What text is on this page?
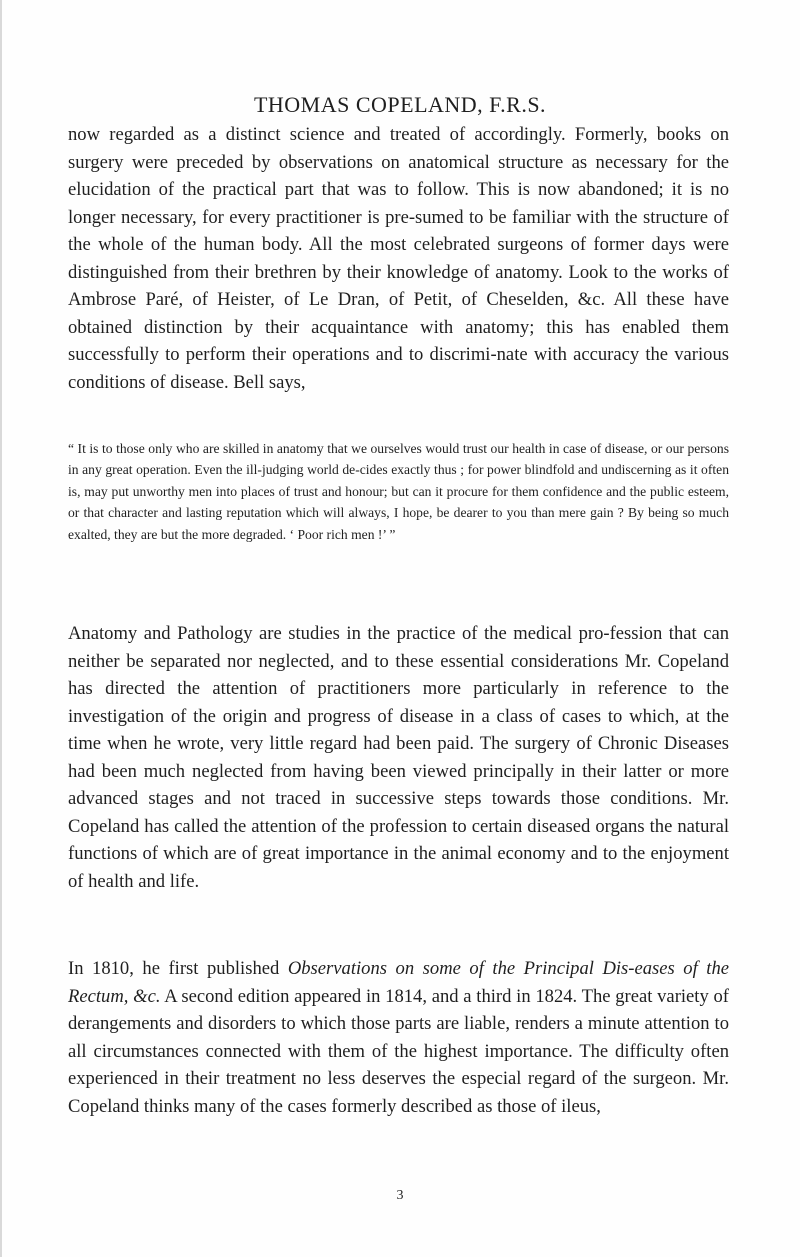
THOMAS COPELAND, F.R.S.

now regarded as a distinct science and treated of accordingly. Formerly, books on surgery were preceded by observations on anatomical structure as necessary for the elucidation of the practical part that was to follow. This is now abandoned; it is no longer necessary, for every practitioner is pre-sumed to be familiar with the structure of the whole of the human body. All the most celebrated surgeons of former days were distinguished from their brethren by their knowledge of anatomy. Look to the works of Ambrose Paré, of Heister, of Le Dran, of Petit, of Cheselden, &c. All these have obtained distinction by their acquaintance with anatomy; this has enabled them successfully to perform their operations and to discrimi-nate with accuracy the various conditions of disease. Bell says,

“ It is to those only who are skilled in anatomy that we ourselves would trust our health in case of disease, or our persons in any great operation. Even the ill-judging world de-cides exactly thus ; for power blindfold and undiscerning as it often is, may put unworthy men into places of trust and honour; but can it procure for them confidence and the public esteem, or that character and lasting reputation which will always, I hope, be dearer to you than mere gain ? By being so much exalted, they are but the more degraded. ‘ Poor rich men !’ ”

Anatomy and Pathology are studies in the practice of the medical pro-fession that can neither be separated nor neglected, and to these essential considerations Mr. Copeland has directed the attention of practitioners more particularly in reference to the investigation of the origin and progress of disease in a class of cases to which, at the time when he wrote, very little regard had been paid. The surgery of Chronic Diseases had been much neglected from having been viewed principally in their latter or more advanced stages and not traced in successive steps towards those conditions. Mr. Copeland has called the attention of the profession to certain diseased organs the natural functions of which are of great importance in the animal economy and to the enjoyment of health and life.

In 1810, he first published Observations on some of the Principal Dis-eases of the Rectum, &c. A second edition appeared in 1814, and a third in 1824. The great variety of derangements and disorders to which those parts are liable, renders a minute attention to all circumstances connected with them of the highest importance. The difficulty often experienced in their treatment no less deserves the especial regard of the surgeon. Mr. Copeland thinks many of the cases formerly described as those of ileus,

3
